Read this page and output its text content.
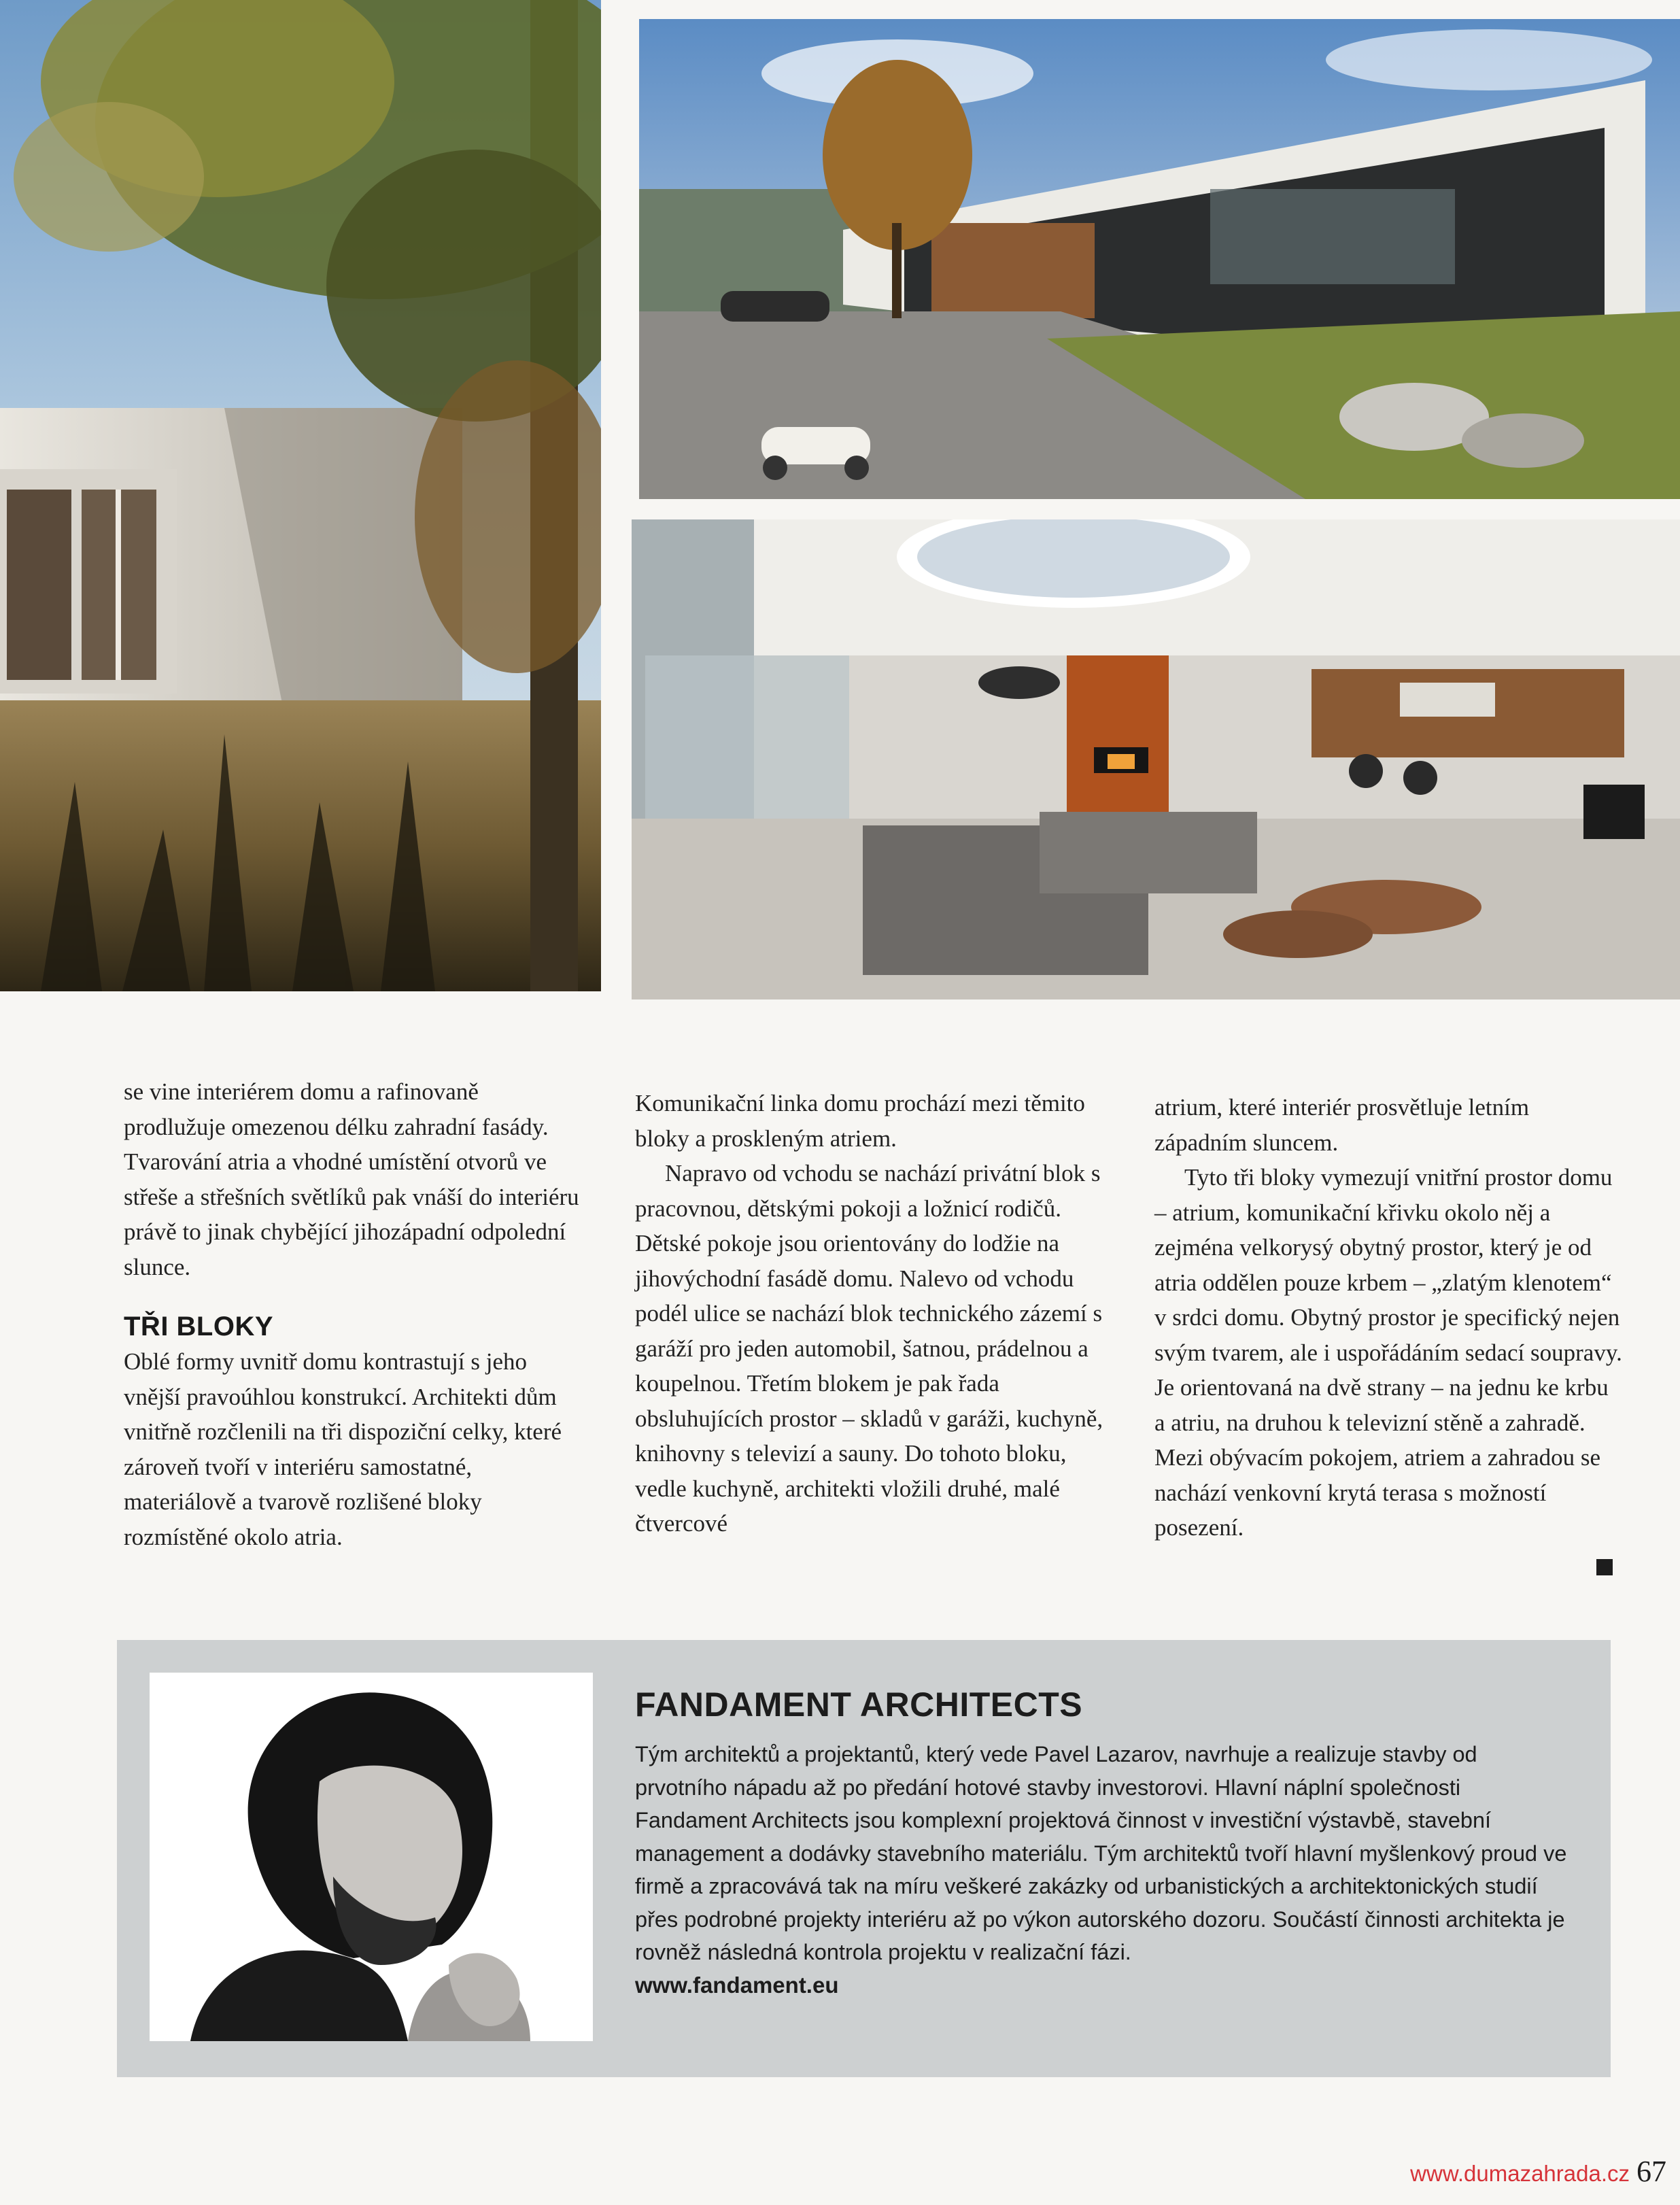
se vine interiérem domu a rafinovaně prodlužuje omezenou délku zahradní fasády. Tvarování atria a vhodné umístění otvorů ve střeše a střešních světlíků pak vnáší do interiéru právě to jinak chybějící jihozápadní odpolední slunce.

TŘI BLOKY

Oblé formy uvnitř domu kontrastují s jeho vnější pravoúhlou konstrukcí. Architekti dům vnitřně rozčlenili na tři dispoziční celky, které zároveň tvoří v interiéru samostatné, materiálově a tvarově rozlišené bloky rozmístěné okolo atria.

Komunikační linka domu prochází mezi těmito bloky a proskleným atriem.

Napravo od vchodu se nachází privátní blok s pracovnou, dětskými pokoji a ložnicí rodičů. Dětské pokoje jsou orientovány do lodžie na jihovýchodní fasádě domu. Nalevo od vchodu podél ulice se nachází blok technického zázemí s garáží pro jeden automobil, šatnou, prádelnou a koupelnou. Třetím blokem je pak řada obsluhujících prostor – skladů v garáži, kuchyně, knihovny s televizí a sauny. Do tohoto bloku, vedle kuchyně, architekti vložili druhé, malé čtvercové

atrium, které interiér prosvětluje letním západním sluncem.

Tyto tři bloky vymezují vnitřní prostor domu – atrium, komunikační křivku okolo něj a zejména velkorysý obytný prostor, který je od atria oddělen pouze krbem – „zlatým klenotem“ v srdci domu. Obytný prostor je specifický nejen svým tvarem, ale i uspořádáním sedací soupravy. Je orientovaná na dvě strany – na jednu ke krbu a atriu, na druhou k televizní stěně a zahradě. Mezi obývacím pokojem, atriem a zahradou se nachází venkovní krytá terasa s možností posezení.

FANDAMENT ARCHITECTS

Tým architektů a projektantů, který vede Pavel Lazarov, navrhuje a realizuje stavby od prvotního nápadu až po předání hotové stavby investorovi. Hlavní náplní společnosti Fandament Architects jsou komplexní projektová činnost v investiční výstavbě, stavební management a dodávky stavebního materiálu. Tým architektů tvoří hlavní myšlenkový proud ve firmě a zpracovává tak na míru veškeré zakázky od urbanistických a architektonických studií přes podrobné projekty interiéru až po výkon autorského dozoru. Součástí činnosti architekta je rovněž následná kontrola projektu v realizační fázi.

www.fandament.eu

www.dumazahrada.cz 67
